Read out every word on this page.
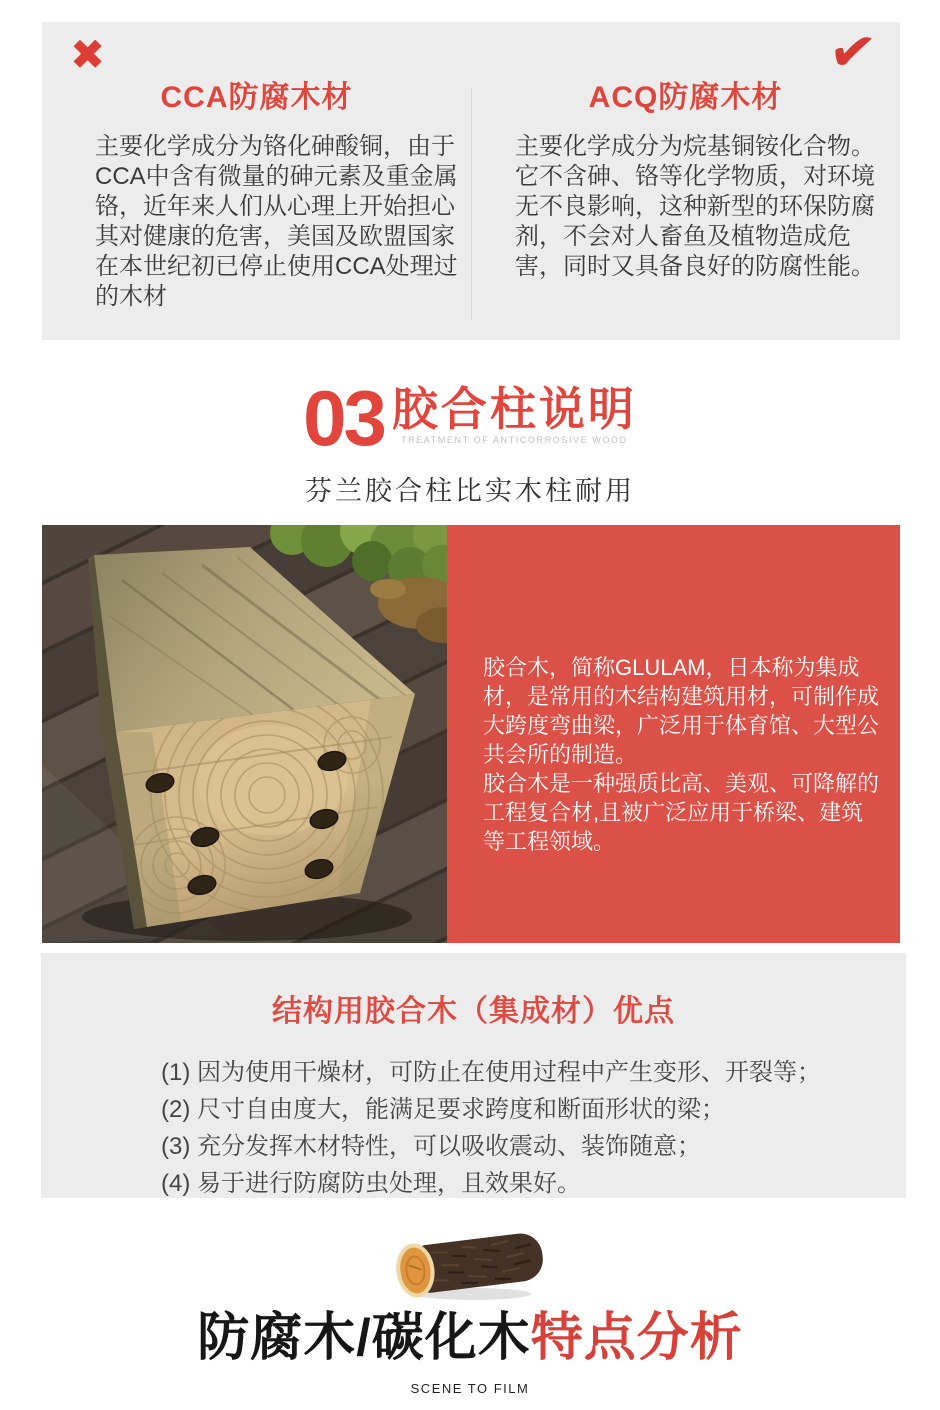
✖
CCA防腐木材
主要化学成分为铬化砷酸铜，由于CCA中含有微量的砷元素及重金属铬，近年来人们从心理上开始担心其对健康的危害，美国及欧盟国家在本世纪初已停止使用CCA处理过的木材
✔
ACQ防腐木材
主要化学成分为烷基铜铵化合物。它不含砷、铬等化学物质，对环境无不良影响，这种新型的环保防腐剂，不会对人畜鱼及植物造成危害，同时又具备良好的防腐性能。
03 胶合柱说明
TREATMENT OF ANTICORROSIVE WOOD
芬兰胶合柱比实木柱耐用

胶合木，简称GLULAM，日本称为集成材，是常用的木结构建筑用材，可制作成大跨度弯曲梁，广泛用于体育馆、大型公共会所的制造。

胶合木是一种强质比高、美观、可降解的工程复合材,且被广泛应用于桥梁、建筑等工程领域。

结构用胶合木（集成材）优点
(1) 因为使用干燥材，可防止在使用过程中产生变形、开裂等；
(2) 尺寸自由度大，能满足要求跨度和断面形状的梁；
(3) 充分发挥木材特性，可以吸收震动、装饰随意；
(4) 易于进行防腐防虫处理，且效果好。
防腐木/碳化木特点分析
SCENE TO FILM
